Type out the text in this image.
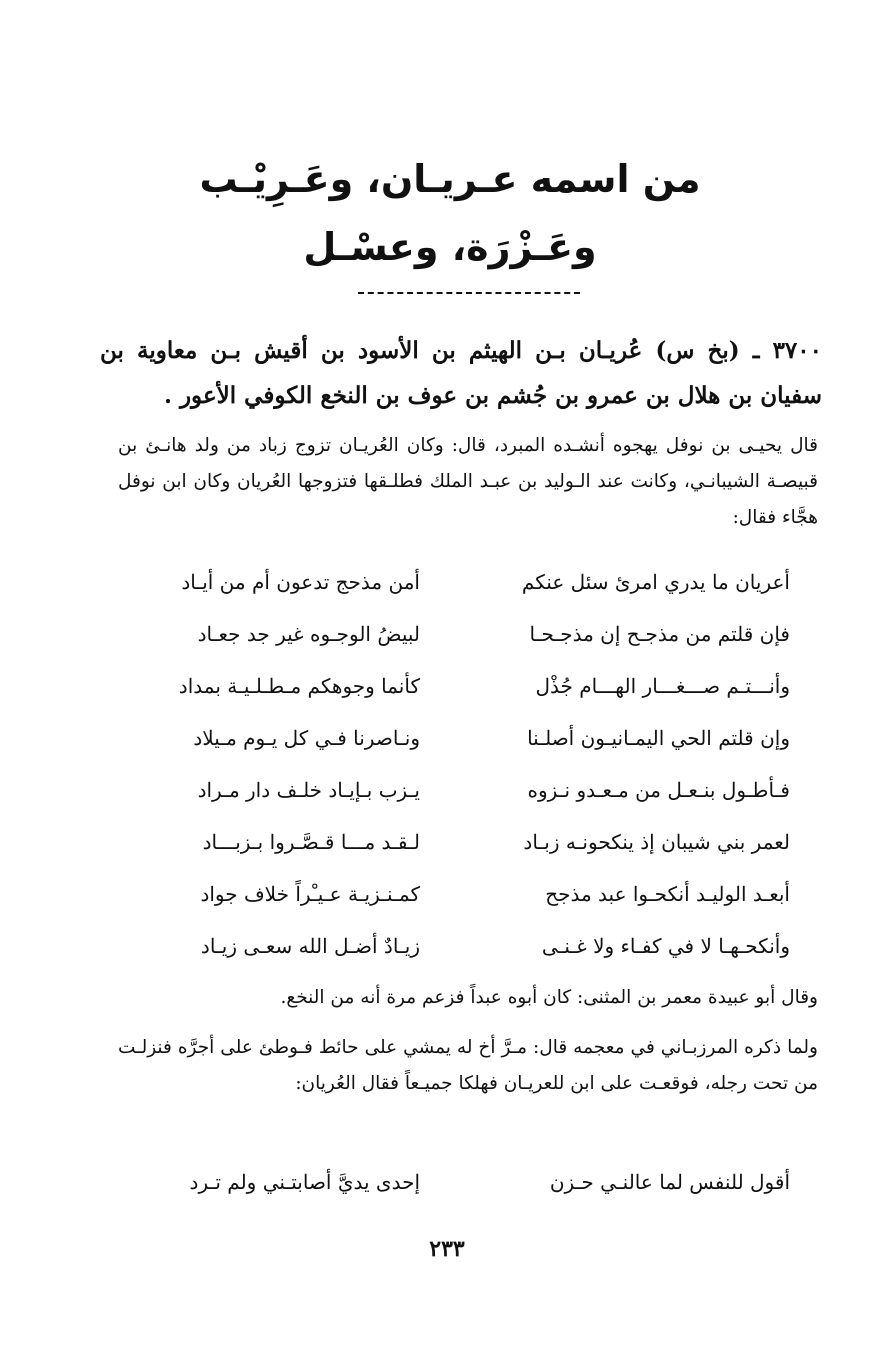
من اسمه عـريـان، وعَـرِيْـب
وعَـزْرَة، وعسْـل

٣٧٠٠ ـ (بخ س) عُريـان بـن الهيثم بن الأسود بن أقيش بـن معاوية بن سفيان بن هلال بن عمرو بن جُشم بن عوف بن النخع الكوفي الأعور .

قال يحيـى بن نوفل يهجوه أنشـده المبرد، قال: وكان العُريـان تزوج زباد من ولد هانـئ بن قبيصـة الشيبانـي، وكانت عند الـوليد بن عبـد الملك فطلـقها فتزوجها العُريان وكان ابن نوفل هجَّاء فقال:

أعريان ما يدري امرئ سئل عنكم
أمن مذحج تدعون أم من أيـاد
فإن قلتم من مذجـح إن مذجـحـا
لبيضُ الوجـوه غير جد جعـاد
وأنـــتـم صـــغـــار الهـــام جُذْل
كأنما وجوهكم مـطـلـيـة بمداد
وإن قلتم الحي اليمـانيـون أصلـنا
ونـاصرنا فـي كل يـوم مـيلاد
فـأطـول بنـعـل من مـعـدو نـزوه
يـزب بـإيـاد خلـف دار مـراد
لعمر بني شيبان إذ ينكحونـه زبـاد
لـقـد مـــا قـصَّـروا بـزبـــاد
أبعـد الوليـد أنكحـوا عبد مذجح
كمـنـزيـة عـيـْراً خلاف جواد
وأنكحـهـا لا في كفـاء ولا غـنـى
زيـادٌ أضـل الله سعـى زيـاد

وقال أبو عبيدة معمر بن المثنى: كان أبوه عبداً فزعم مرة أنه من النخع.

ولما ذكره المرزبـاني في معجمه قال: مـرَّ أخ له يمشي على حائط فـوطئ على أجرَّه فنزلـت من تحت رجله، فوقعـت على ابن للعريـان فهلكا جميـعاً فقال العُريان:

أقول للنفس لما عالنـي حـزن
إحدى يديَّ أصابتـني ولم تـرد
٢٣٣
